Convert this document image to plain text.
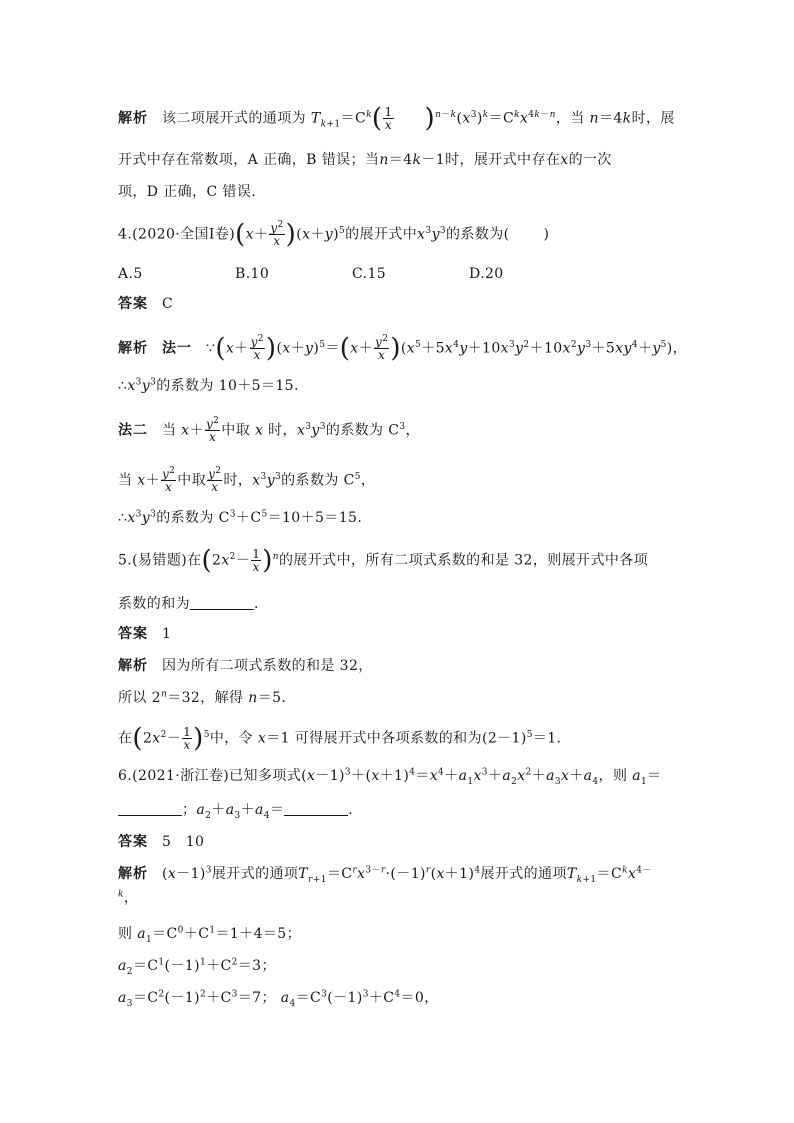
解析 该二项展开式的通项为 $T_{k+1}=C^k( \frac{1}{x} )^{n-k}(x^3)^k=C^kx^{4k-n}$，当 n＝4k时，展
开式中存在常数项，A 正确，B 错误；当n＝4k－1时，展开式中存在x的一次
项，D 正确，C 错误.
4.(2020·全国Ⅰ卷)$(x+ \frac{y^2}{x} )(x+y)^5$的展开式中$x^3y^3$的系数为( )
A.5	B.10	C.15	D.20
答案 C
解析 法一 ∵(x＋ $\frac{y^2}{x} )(x+y)^5=(x+ \frac{y^2}{x} )(x^5+5x^4y+10x^3y^2+10x^2y^3+5xy^4+y^5)$，
$\therefore x^3y^3$的系数为 10＋5＝15.
法二 当 $x+ \frac{y^2}{x}$ 中取 x 时，$x^3y^3$的系数为 $C^3$，
当 $x+ \frac{y^2}{x}$ 中取 $\frac{y^2}{x}$ 时，$x^3y^3$的系数为 $C^5$，
$\therefore x^3y^3$的系数为 $C^3+C^5=10+5=15$.
5.(易错题)在$(2x^2- \frac{1}{x} )^n$的展开式中，所有二项式系数的和是 32，则展开式中各项
系数的和为	.
答案 1
解析 因为所有二项式系数的和是 32，
所以 $2^n=32$，解得 n＝5.
在$(2x^2- \frac{1}{x} )^5$中，令 x＝1 可得展开式中各项系数的和为$(2-1)^5=1$.
6.(2021·浙江卷)已知多项式$(x-1)^3+(x+1)^4=x^4+a_1x^3+a_2x^2+a_3x+a_4$，则 $a_1=$
；$a_2+a_3+a_4=$	.
答案 5　10
解析 $(x-1)^3$展开式的通项$T_{r+1}=C^rx^{3-r}\cdot(-1)^r(x+1)^4$展开式的通项$T_{k+1}=C^kx^{4-}$
$^k$，
则 $a_1=C^0+C^1=1+4=5$；
$a_2=C^1(-1)^1+C^2=3$；
$a_3=C^2(-1)^2+C^3=7$； $a_4=C^3(-1)^3+C^4=0$，
